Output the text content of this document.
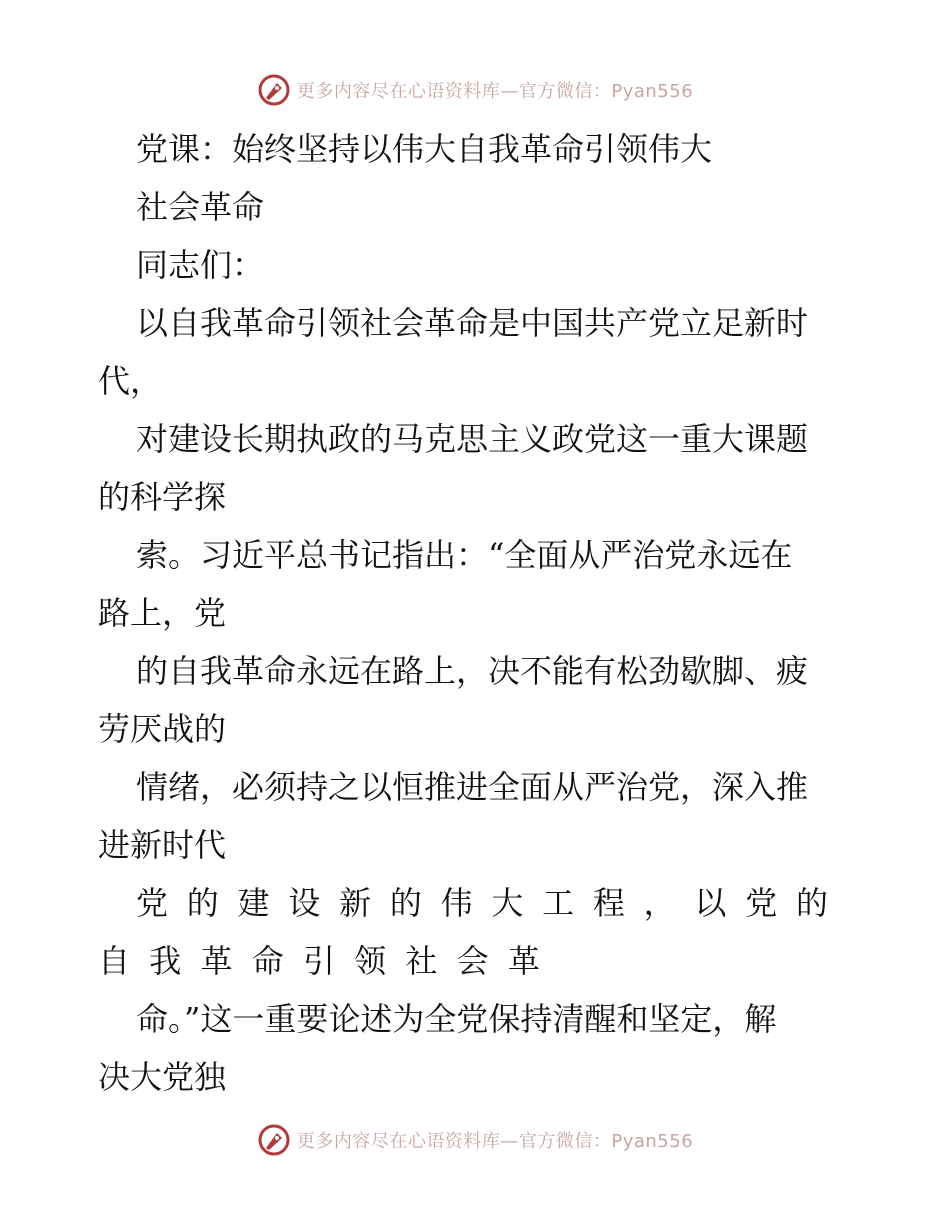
更多内容尽在心语资料库—官方微信：Pyan556
党课：始终坚持以伟大自我革命引领伟大
社会革命
同志们：
以自我革命引领社会革命是中国共产党立足新时
代，
对建设长期执政的马克思主义政党这一重大课题
的科学探
索。习近平总书记指出：“全面从严治党永远在
路上，党
的自我革命永远在路上，决不能有松劲歇脚、疲
劳厌战的
情绪，必须持之以恒推进全面从严治党，深入推
进新时代
党 的 建 设 新 的 伟 大 工 程 ， 以 党 的
自 我 革 命 引 领 社 会 革
命。”这一重要论述为全党保持清醒和坚定，解
决大党独
更多内容尽在心语资料库—官方微信：Pyan556
